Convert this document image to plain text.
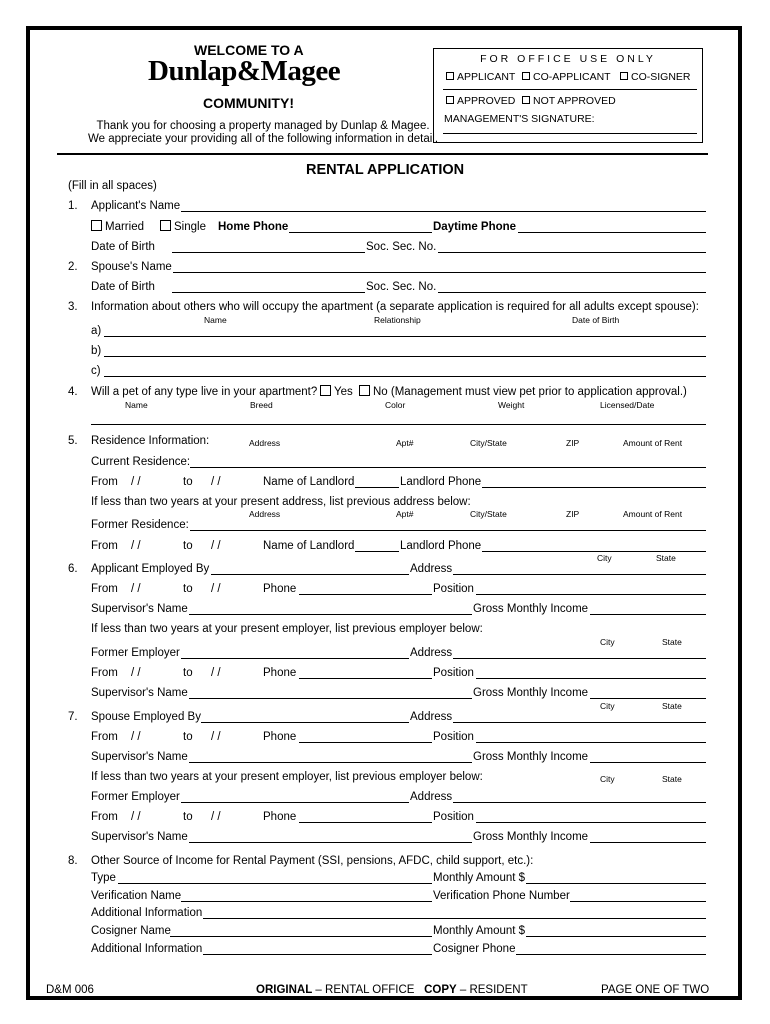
WELCOME TO A
Dunlap&Magee
COMMUNITY!
Thank you for choosing a property managed by Dunlap & Magee.
We appreciate your providing all of the following information in detail.
FOR OFFICE USE ONLY
APPLICANT	CO-APPLICANT	CO-SIGNER
APPROVED	NOT APPROVED
MANAGEMENT'S SIGNATURE:
RENTAL APPLICATION
(Fill in all spaces)
1. Applicant's Name
Married	Single Home Phone	Daytime Phone
Date of Birth	Soc. Sec. No.
2. Spouse's Name
Date of Birth	Soc. Sec. No.
3. Information about others who will occupy the apartment (a separate application is required for all adults except spouse):
Name	Relationship	Date of Birth
a)
b)
c)
4. Will a pet of any type live in your apartment?	Yes	No (Management must view pet prior to application approval.)
Name	Breed	Color	Weight	Licensed/Date
5. Residence Information:	Address	Apt#	City/State	ZIP	Amount of Rent
Current Residence:
From / /	to / /	Name of Landlord	Landlord Phone
If less than two years at your present address, list previous address below:
Address	Apt#	City/State	ZIP	Amount of Rent
Former Residence:
From / /	to / /	Name of Landlord	Landlord Phone
City	State
6. Applicant Employed By	Address
From / /	to / /	Phone	Position
Supervisor's Name	Gross Monthly Income
If less than two years at your present employer, list previous employer below:
City	State
Former Employer	Address
From / /	to / /	Phone	Position
Supervisor's Name	Gross Monthly Income
City	State
7. Spouse Employed By	Address
From / /	to / /	Phone	Position
Supervisor's Name	Gross Monthly Income
If less than two years at your present employer, list previous employer below:	City	State
Former Employer	Address
From / /	to / /	Phone	Position
Supervisor's Name	Gross Monthly Income
8. Other Source of Income for Rental Payment (SSI, pensions, AFDC, child support, etc.):
Type	Monthly Amount $
Verification Name	Verification Phone Number
Additional Information
Cosigner Name	Monthly Amount $
Additional Information	Cosigner Phone
D&M 006	ORIGINAL – RENTAL OFFICE COPY – RESIDENT	PAGE ONE OF TWO
